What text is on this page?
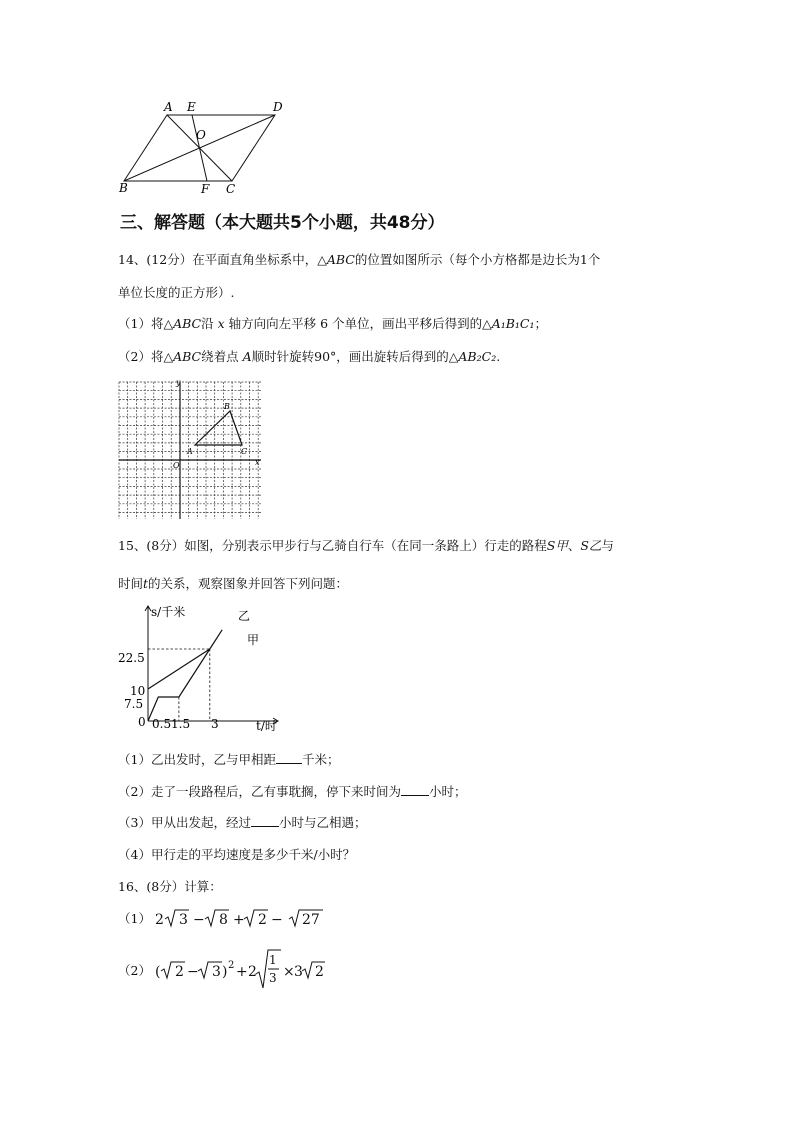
A E	D
O
B	F C
三、解答题（本大题共5个小题，共48分）
14、(12分）在平面直角坐标系中，△ABC的位置如图所示（每个小方格都是边长为1个
单位长度的正方形）.
（1）将△ABC沿 x 轴方向向左平移 6 个单位，画出平移后得到的△A₁B₁C₁；
（2）将△ABC绕着点 A顺时针旋转90°，画出旋转后得到的△AB₂C₂.
y
x
O
A
B
C
15、(8分）如图，分别表示甲步行与乙骑自行车（在同一条路上）行走的路程S甲、S乙与
时间t的关系，观察图象并回答下列问题：
s/千米
t/时
乙
甲
22.5
10
7.5
0 0.5 1.5 3
（1）乙出发时，乙与甲相距 千米；
（2）走了一段路程后，乙有事耽搁，停下来时间为 小时；
（3）甲从出发起，经过 小时与乙相遇；
（4）甲行走的平均速度是多少千米/小时？
16、(8分）计算：
（1） 2 3 − 8 + 2 −
27
（2） ( 2 − 3 ) 2 + 2
1
3 × 3 2
